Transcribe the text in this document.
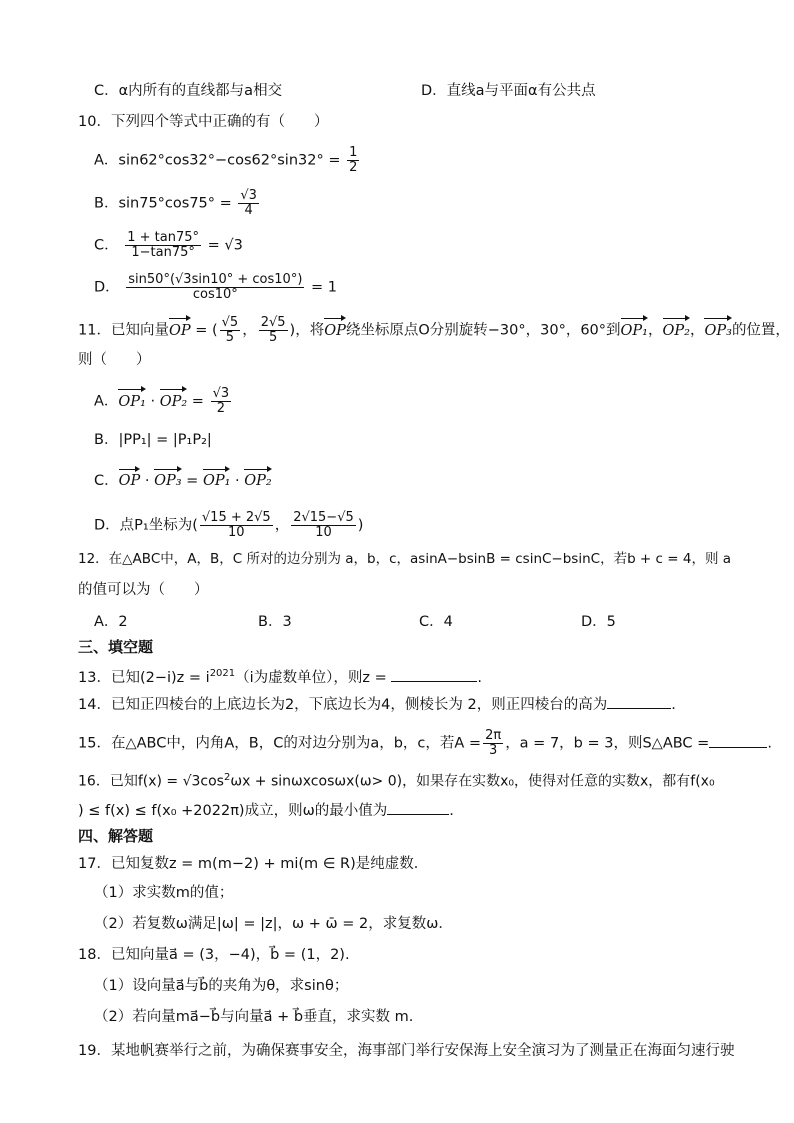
C．α内所有的直线都与a相交	D．直线a与平面α有公共点
10．下列四个等式中正确的有（　　）
A．$\sin 62^\circ\cos 32^\circ-\cos 62^\circ\sin 32^\circ = \frac{1}{2}$
B．$\sin 75^\circ\cos 75^\circ = \frac{√3}{4}$
C． $\frac{1 + \tan 75^\circ}{1-\tan 75^\circ} = √3$
D． $\frac{\sin 50^\circ(√3\sin 10^\circ + \cos 10^\circ)}{\cos 10^\circ} = 1$
11．已知向量OP = ( $\frac{√5}{5}$ ， $\frac{2√5}{5}$ )，将OP绕坐标原点O分别旋转−30°，30°，60°到OP₁，OP₂，OP₃的位置，
则（　　）
A．$OP_1 \cdot OP_2 = \frac{√3}{2}$
B．|PP₁| = |P₁P₂|
C．OP · OP₃ = OP₁ · OP₂
D．点P₁坐标为( $\frac{√15 + 2√5}{10}$ ， $\frac{2√15-√5}{10}$ )
12．在△ABC中，A，B，C 所对的边分别为 a，b，c，asinA−bsinB = csinC−bsinC，若b + c = 4，则 a
的值可以为（　　）
A．2	B．3	C．4	D．5
三、填空题
13．已知$(2-i)z = i^{2021}(i$为虚数单位），则z =	.
14．已知正四棱台的上底边长为2，下底边长为4，侧棱长为 2，则正四棱台的高为	.
15．在△ABC中，内角A，B，C的对边分别为a，b，c，若$A = \frac{2\pi}{3}$ ，a = 7，b = 3，则S△ABC =	.
16．已知$f(x) = √3\cos^2\omega x + \sin\omega xcos\omega x(\omega> 0)$，如果存在实数x₀，使得对任意的实数x，都有f(x₀
) ≤ f(x) ≤ f(x₀ +2022π)成立，则ω的最小值为	.
四、解答题
17．已知复数z = m(m−2) + mi(m ∈ R)是纯虚数．
（1）求实数m的值；
（2）若复数ω满足|ω| = |z|，ω + ω̄ = 2，求复数ω．
18．已知向量a⃗ = (3，−4)，b⃗ = (1，2).
（1）设向量a⃗与b⃗的夹角为θ，求sinθ；
（2）若向量ma⃗−b⃗与向量a⃗ + b⃗垂直，求实数 m.
19．某地帆赛举行之前，为确保赛事安全，海事部门举行安保海上安全演习为了测量正在海面匀速行驶
